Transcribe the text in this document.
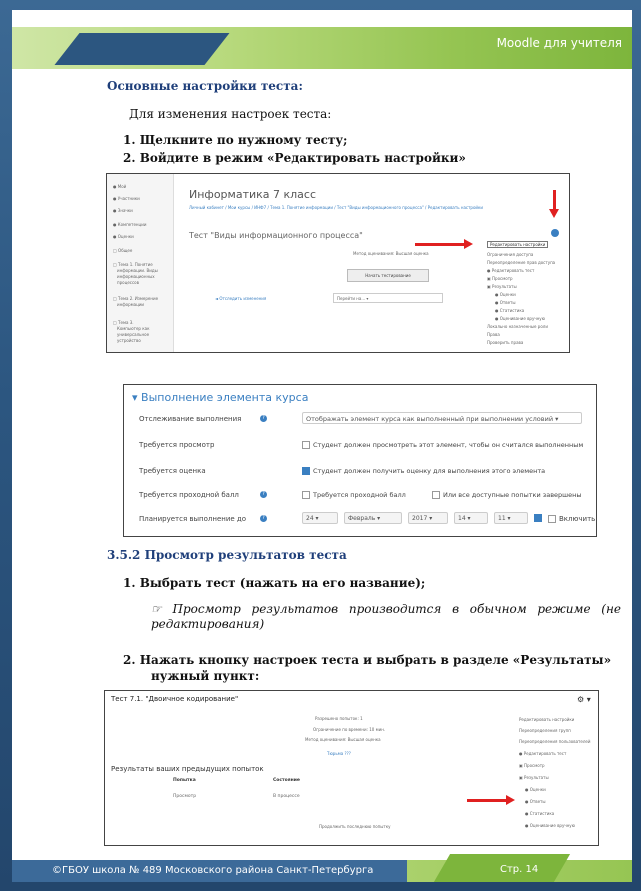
Moodle для учителя
Основные настройки теста:
Для изменения настроек теста:
1. Щелкните по нужному тесту;
2. Войдите в режим «Редактировать настройки»
● Мой
● Участники
● Значки
● Компетенции
● Оценки
□ Общее
□ Тема 1. Понятие
информации. Виды
информационных
процессов
□ Тема 2. Измерение
информации
□ Тема 3.
Компьютер как
универсальное
устройство
Информатика 7 класс
Личный кабинет / Мои курсы / ИНФ7 / Тема 1. Понятие информации / Тест "Виды информационного процесса" / Редактировать настройки
Тест "Виды информационного процесса"
Метод оценивания: Высшая оценка
Начать тестирование
◄ Отследить изменения	Перейти на... ▾
Редактировать настройки
Ограничения доступа
Переопределение прав доступа
● Редактировать тест
▣ Просмотр
▣ Результаты
● Оценки
● Ответы
● Статистика
● Оценивание вручную
Локально назначенные роли
Права
Проверить права
▾ Выполнение элемента курса
Отслеживание выполнения	?	Отображать элемент курса как выполненный при выполнении условий ▾
Требуется просмотр	Студент должен просмотреть этот элемент, чтобы он считался выполненным
Требуется оценка	Студент должен получить оценку для выполнения этого элемента
Требуется проходной балл	?	Требуется проходной балл	Или все доступные попытки завершены
Планируется выполнение до	?	24 ▾	Февраль ▾	2017 ▾	14 ▾	11 ▾	Включить
3.5.2 Просмотр результатов теста
1. Выбрать тест (нажать на его название);
☞ Просмотр результатов производится в обычном режиме (не редактирования)
2. Нажать кнопку настроек теста и выбрать в разделе «Результаты»
нужный пункт:
Тест 7.1. "Двоичное кодирование"
Разрешено попыток: 1
Ограничение по времени: 10 мин.
Метод оценивания: Высшая оценка
Тюрьма ???
Результаты ваших предыдущих попыток
Попытка	Состояние
Просмотр	В процессе
Продолжить последнюю попытку
⚙ ▾
Редактировать настройки
Переопределения групп
Переопределения пользователей
● Редактировать тест
▣ Просмотр
▣ Результаты
● Оценки
● Ответы
● Статистика
● Оценивание вручную
©ГБОУ школа № 489 Московского района Санкт-Петербурга	Стр. 14
